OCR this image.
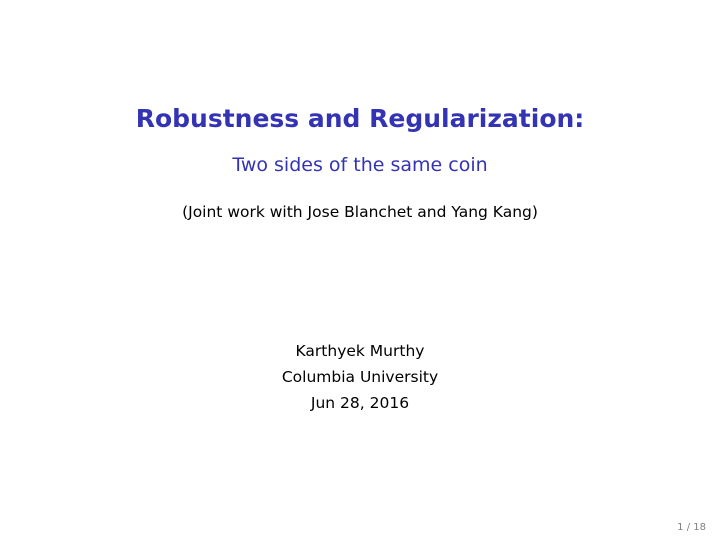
Robustness and Regularization:
Two sides of the same coin
(Joint work with Jose Blanchet and Yang Kang)
Karthyek Murthy
Columbia University
Jun 28, 2016
1 / 18
